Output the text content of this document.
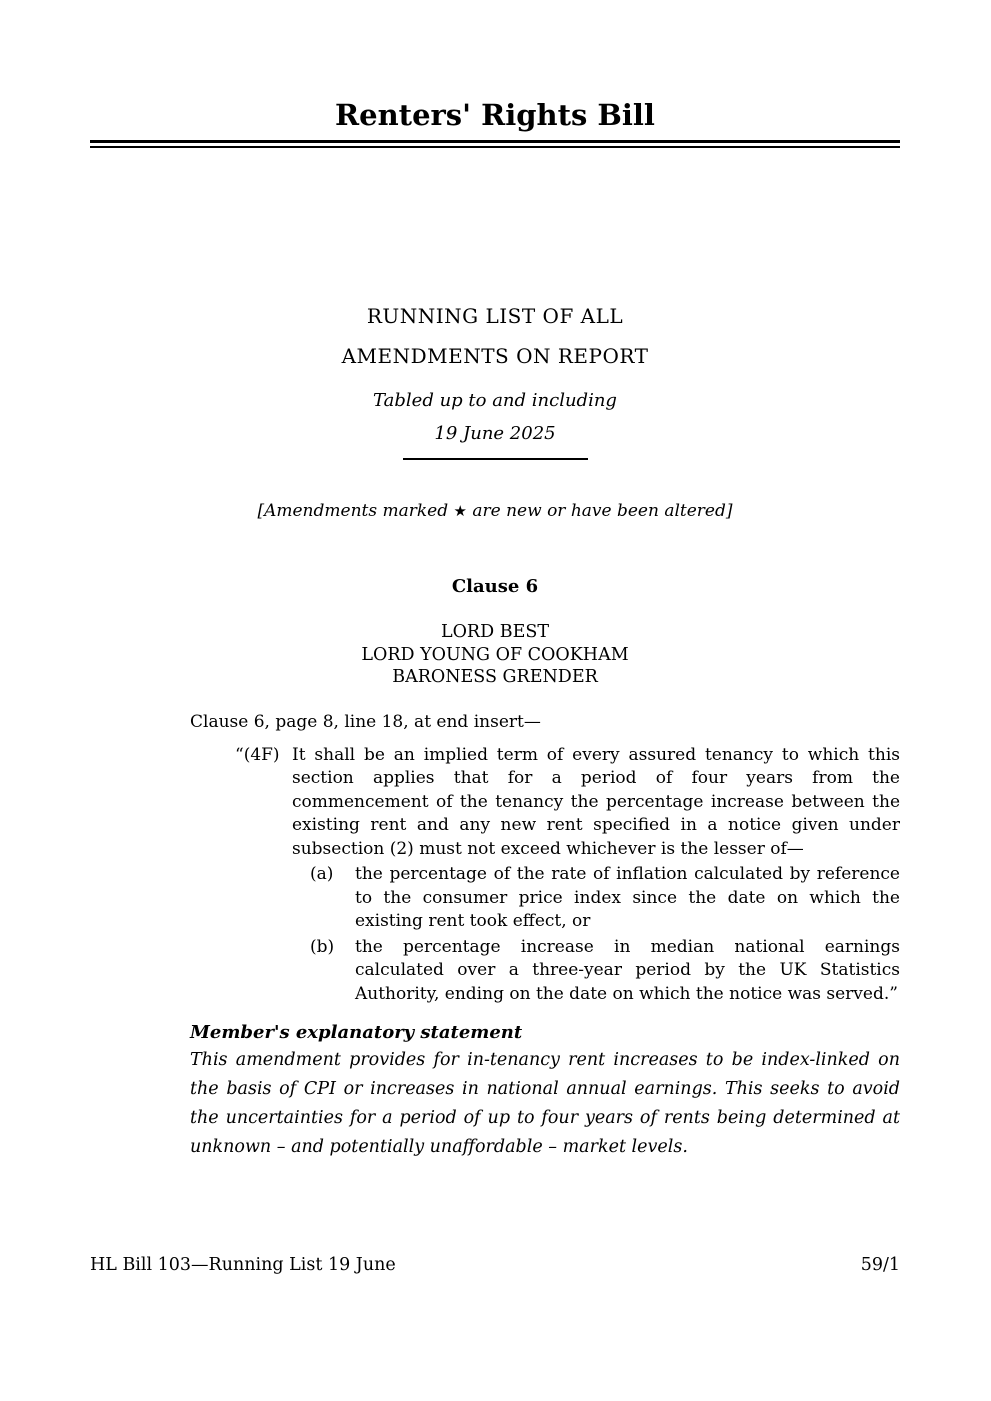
Renters' Rights Bill
RUNNING LIST OF ALL
AMENDMENTS ON REPORT
Tabled up to and including
19 June 2025
[Amendments marked ★ are new or have been altered]
Clause 6
LORD BEST
LORD YOUNG OF COOKHAM
BARONESS GRENDER
Clause 6, page 8, line 18, at end insert—
“(4F) It shall be an implied term of every assured tenancy to which this section applies that for a period of four years from the commencement of the tenancy the percentage increase between the existing rent and any new rent specified in a notice given under subsection (2) must not exceed whichever is the lesser of—
(a)	the percentage of the rate of inflation calculated by reference to the consumer price index since the date on which the existing rent took effect, or
(b)	the percentage increase in median national earnings calculated over a three-year period by the UK Statistics Authority, ending on the date on which the notice was served.”
Member's explanatory statement
This amendment provides for in-tenancy rent increases to be index-linked on the basis of CPI or increases in national annual earnings. This seeks to avoid the uncertainties for a period of up to four years of rents being determined at unknown – and potentially unaffordable – market levels.
HL Bill 103—Running List 19 June	59/1
